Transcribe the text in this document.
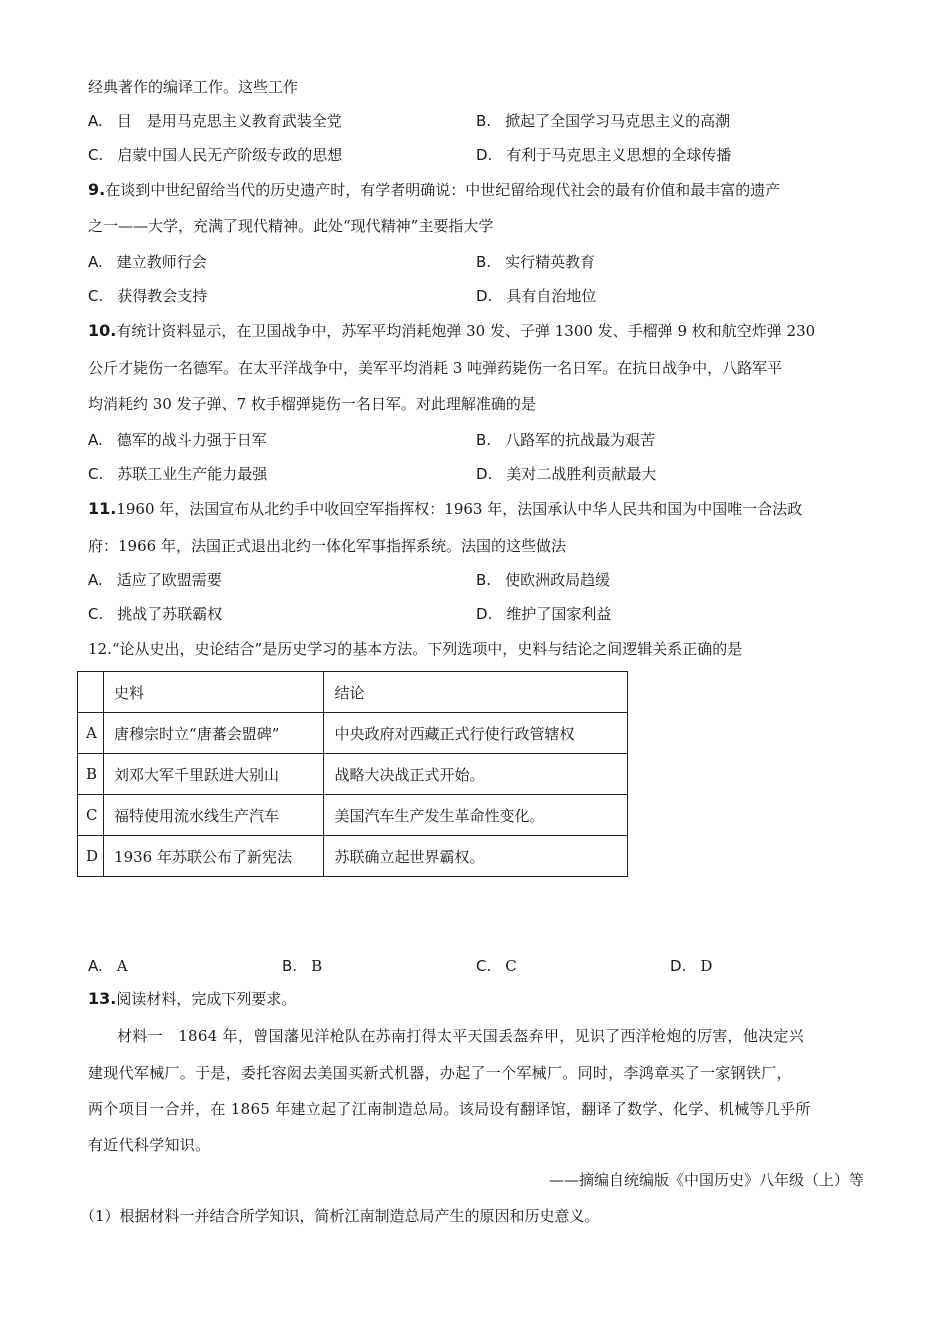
经典著作的编译工作。这些工作
A. 目　是用马克思主义教育武装全党	B. 掀起了全国学习马克思主义的高潮
C. 启蒙中国人民无产阶级专政的思想	D. 有利于马克思主义思想的全球传播
9.在谈到中世纪留给当代的历史遗产时，有学者明确说：中世纪留给现代社会的最有价值和最丰富的遗产
之一——大学，充满了现代精神。此处“现代精神”主要指大学
A. 建立教师行会	B. 实行精英教育
C. 获得教会支持	D. 具有自治地位
10.有统计资料显示，在卫国战争中，苏军平均消耗炮弹 30 发、子弹 1300 发、手榴弹 9 枚和航空炸弹 230
公斤才毙伤一名德军。在太平洋战争中，美军平均消耗 3 吨弹药毙伤一名日军。在抗日战争中，八路军平
均消耗约 30 发子弹、7 枚手榴弹毙伤一名日军。对此理解准确的是
A. 德军的战斗力强于日军	B. 八路军的抗战最为艰苦
C. 苏联工业生产能力最强	D. 美对二战胜利贡献最大
11.1960 年，法国宣布从北约手中收回空军指挥权：1963 年，法国承认中华人民共和国为中国唯一合法政
府：1966 年，法国正式退出北约一体化军事指挥系统。法国的这些做法
A. 适应了欧盟需要	B. 使欧洲政局趋缓
C. 挑战了苏联霸权	D. 维护了国家利益
12.“论从史出，史论结合”是历史学习的基本方法。下列选项中，史料与结论之间逻辑关系正确的是
	史料	结论
A	唐穆宗时立“唐蕃会盟碑”	中央政府对西藏正式行使行政管辖权
B	刘邓大军千里跃进大别山	战略大决战正式开始。
C	福特使用流水线生产汽车	美国汽车生产发生革命性变化。
D	1936 年苏联公布了新宪法	苏联确立起世界霸权。
A. A	B. B	C. C	D. D
13.阅读材料，完成下列要求。
材料一　1864 年，曾国藩见洋枪队在苏南打得太平天国丢盔弃甲，见识了西洋枪炮的厉害，他决定兴
建现代军械厂。于是，委托容闳去美国买新式机器，办起了一个军械厂。同时，李鸿章买了一家钢铁厂，
两个项目一合并，在 1865 年建立起了江南制造总局。该局设有翻译馆，翻译了数学、化学、机械等几乎所
有近代科学知识。
——摘编自统编版《中国历史》八年级（上）等
（1）根据材料一并结合所学知识，简析江南制造总局产生的原因和历史意义。
